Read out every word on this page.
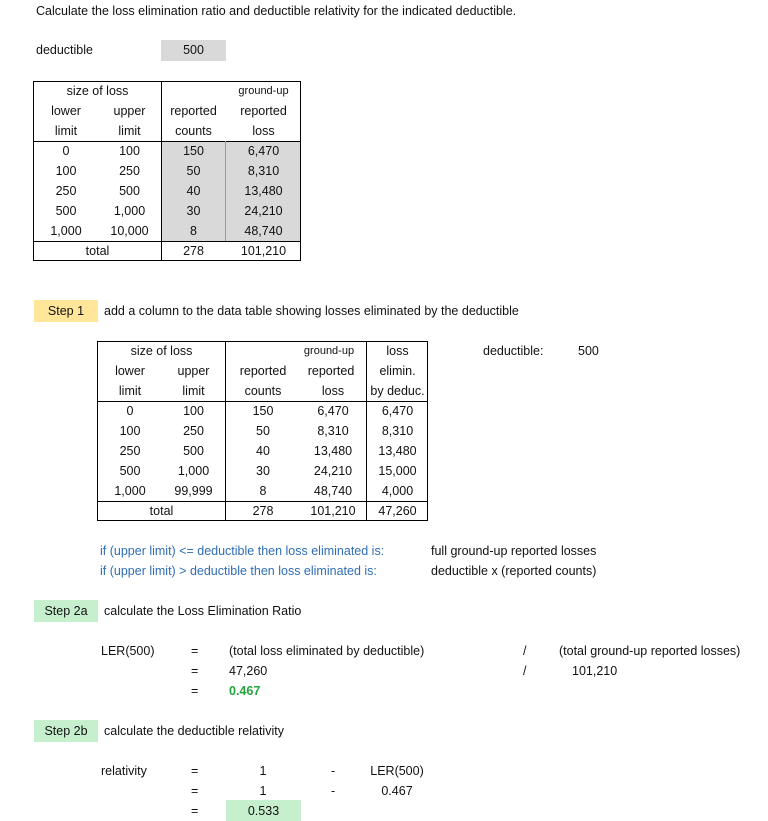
Calculate the loss elimination ratio and deductible relativity for the indicated deductible.
deductible	500
size of loss	ground-up
lower	upper	reported	reported
limit	limit	counts	loss
0	100	150	6,470
100	250	50	8,310
250	500	40	13,480
500	1,000	30	24,210
1,000	10,000	8	48,740
total	278	101,210
Step 1	add a column to the data table showing losses eliminated by the deductible
deductible:	500
size of loss	ground-up	loss
lower	upper	reported	reported	elimin.
limit	limit	counts	loss	by deduc.
0	100	150	6,470	6,470
100	250	50	8,310	8,310
250	500	40	13,480	13,480
500	1,000	30	24,210	15,000
1,000	99,999	8	48,740	4,000
total	278	101,210	47,260
if (upper limit) <= deductible then loss eliminated is:	full ground-up reported losses
if (upper limit) > deductible then loss eliminated is:	deductible x (reported counts)
Step 2a	calculate the Loss Elimination Ratio
LER(500)	= (total loss eliminated by deductible)	/	(total ground-up reported losses)
= 47,260	/	101,210
= 0.467
Step 2b	calculate the deductible relativity
relativity	=	1	-	LER(500)
=	1	-	0.467
=	0.533
